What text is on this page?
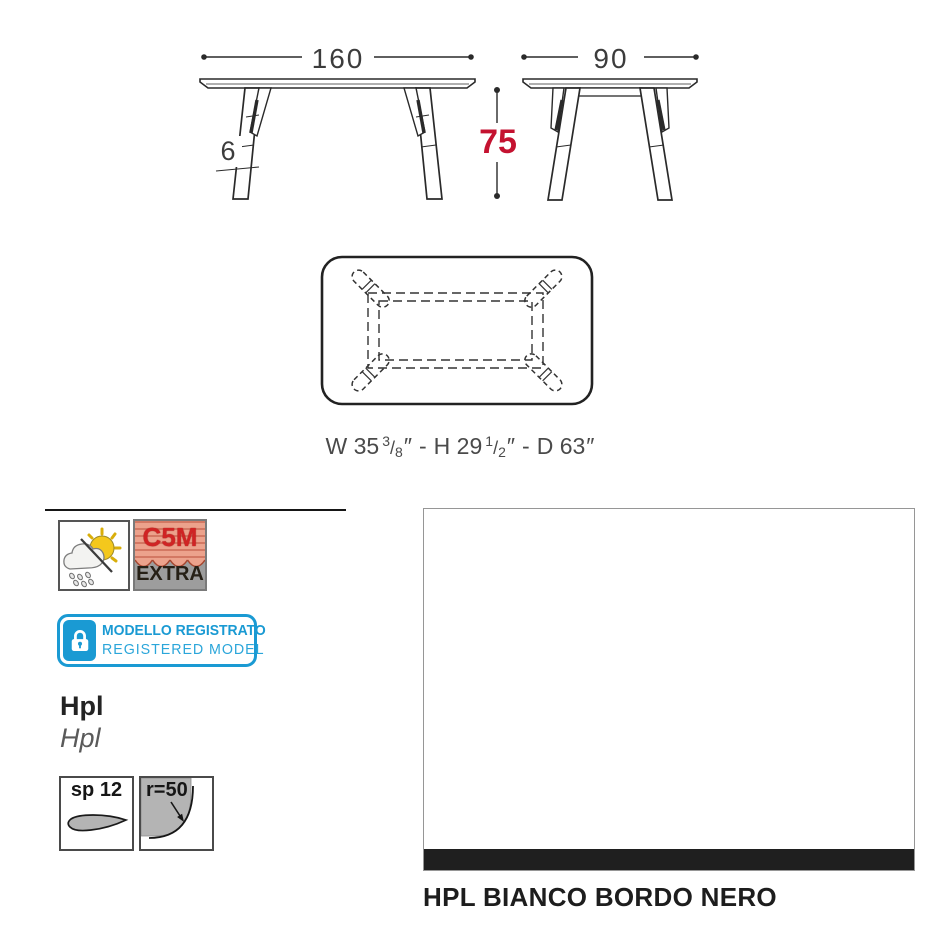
160	90
75
6
W 35 $^3$/8″ - H 29 $^1$/2″ - D 63″
C5M
EXTRA
MODELLO REGISTRATO
REGISTERED MODEL
Hpl
Hpl
sp 12	r=50
HPL BIANCO BORDO NERO
